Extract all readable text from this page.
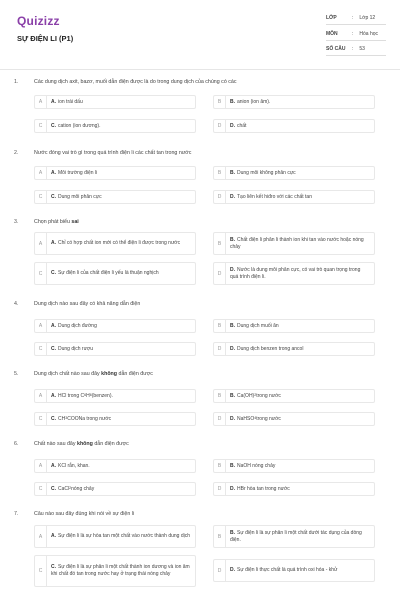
Quizizz
SỰ ĐIỆN LI (P1)
LỚP	: Lớp 12
MÔN	: Hóa học
SỐ CÂU : 53
1.	Các dung dịch axit, bazơ, muối dẫn điện được là do trong dung dịch của chúng có các
A	A. ion trái dấu	B	B. anion (ion âm).
C	C. cation (ion dương).	D	D. chất
2.	Nước đóng vai trò gì trong quá trình điện li các chất tan trong nước
A	A. Môi trường điện li	B	B. Dung môi không phân cực
C	C. Dung môi phân cực	D	D. Tạo liên kết hiđro với các chất tan
3.	Chọn phát biểu sai
A	A. Chỉ có hợp chất ion mới có thể điện li được trong nước	B
B. Chất điện li phân li thành ion khi tan vào nước hoặc nóng chảy
C	C. Sự điện li của chất điện li yếu là thuận nghịch	D
D. Nước là dung môi phân cực, có vai trò quan trọng trong quá trình điện li.
4.	Dung dịch nào sau đây có khả năng dẫn điện
A	A. Dung dịch đường	B	B. Dung dịch muối ăn
C	C. Dung dịch rượu	D	D. Dung dịch benzen trong ancol
5.	Dung dịch chất nào sau đây không dẫn điện được
A	A. HCl trong C 6 H 6 (benzen).	B	B. Ca(OH) 2 trong nước
C	C. CH 3 COONa trong nước	D	D. NaHSO 4 trong nước
6.	Chất nào sau đây không dẫn điện được
A	A. KCl rắn, khan.	B	B. NaOH nóng chảy
C	C. CaCl 2 nóng chảy	D	D. HBr hòa tan trong nước
7.	Câu nào sau đây đúng khi nói về sự điện li
A	A. Sự điện li là sự hòa tan một chất vào nước thành dung dịch	B
B. Sự điện li là sự phân li một chất dưới tác dụng của dòng điện.
C
C. Sự điện li là sự phân li một chất thành ion dương và ion âm khi chất đó tan trong nước hay ở trạng thái nóng chảy
D	D. Sự điện li thực chất là quá trình oxi hóa - khử
